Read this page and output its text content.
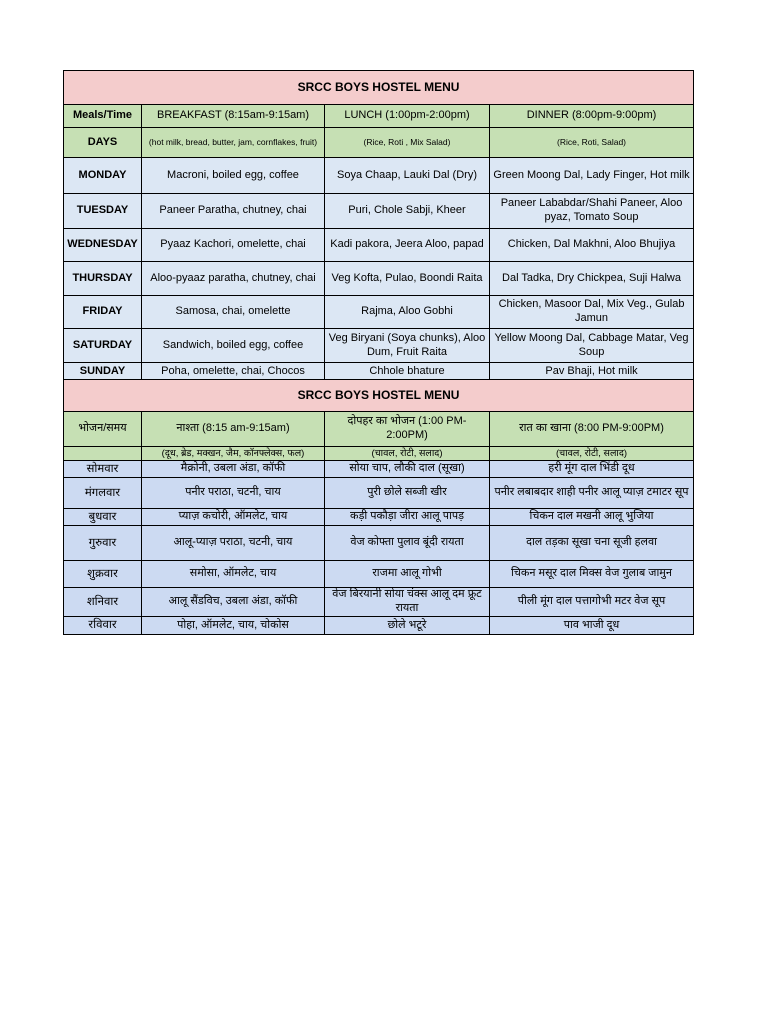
SRCC BOYS HOSTEL MENU			
Meals/Time	BREAKFAST (8:15am-9:15am)	LUNCH (1:00pm-2:00pm)	DINNER (8:00pm-9:00pm)
DAYS	(hot milk, bread, butter, jam, cornflakes, fruit)	(Rice, Roti , Mix Salad)	(Rice, Roti, Salad)
MONDAY	Macroni, boiled egg, coffee	Soya Chaap, Lauki Dal (Dry)	Green Moong Dal, Lady Finger, Hot milk
TUESDAY	Paneer Paratha, chutney, chai	Puri, Chole Sabji, Kheer	Paneer Lababdar/Shahi Paneer, Aloo pyaz, Tomato Soup
WEDNESDAY	Pyaaz Kachori, omelette, chai	Kadi pakora, Jeera Aloo, papad	Chicken, Dal Makhni, Aloo Bhujiya
THURSDAY	Aloo-pyaaz paratha, chutney, chai	Veg Kofta, Pulao, Boondi Raita	Dal Tadka, Dry Chickpea, Suji Halwa
FRIDAY	Samosa, chai, omelette	Rajma, Aloo Gobhi	Chicken, Masoor Dal, Mix Veg., Gulab Jamun
SATURDAY	Sandwich, boiled egg, coffee	Veg Biryani (Soya chunks), Aloo Dum, Fruit Raita	Yellow Moong Dal, Cabbage Matar, Veg Soup
SUNDAY	Poha, omelette, chai, Chocos	Chhole bhature	Pav Bhaji, Hot milk
SRCC BOYS HOSTEL MENU			
भोजन/समय	नाश्ता (8:15 am-9:15am)	दोपहर का भोजन (1:00 PM-2:00PM)	रात का खाना (8:00 PM-9:00PM)
	(दूध, ब्रेड, मक्खन, जैम, कॉनफ्लेक्स, फल)	(चावल, रोटी, सलाद)	(चावल, रोटी, सलाद)
सोमवार	मैक्रोनी, उबला अंडा, कॉफी	सोया चाप, लौकी दाल (सूखा)	हरी मूंग दाल भिंडी दूध
मंगलवार	पनीर पराठा, चटनी, चाय	पुरी छोले सब्जी खीर	पनीर लबाबदार शाही पनीर आलू प्याज़ टमाटर सूप
बुधवार	प्याज़ कचोरी, ऑमलेट, चाय	कड़ी पकौड़ा जीरा आलू पापड़	चिकन दाल मखनी आलू भुजिया
गुरुवार	आलू-प्याज़ पराठा, चटनी, चाय	वेज कोफ्ता पुलाव बूंदी रायता	दाल तड़का सूखा चना सूजी हलवा
शुक्रवार	समोसा, ऑमलेट, चाय	राजमा आलू गोभी	चिकन मसूर दाल मिक्स वेज गुलाब जामुन
शनिवार	आलू सैंडविच, उबला अंडा, कॉफी	वेज बिरयानी सोया चंक्स आलू दम फ्रूट रायता	पीली मूंग दाल पत्तागोभी मटर वेज सूप
रविवार	पोहा, ऑमलेट, चाय, चोकोस	छोले भटूरे	पाव भाजी दूध
